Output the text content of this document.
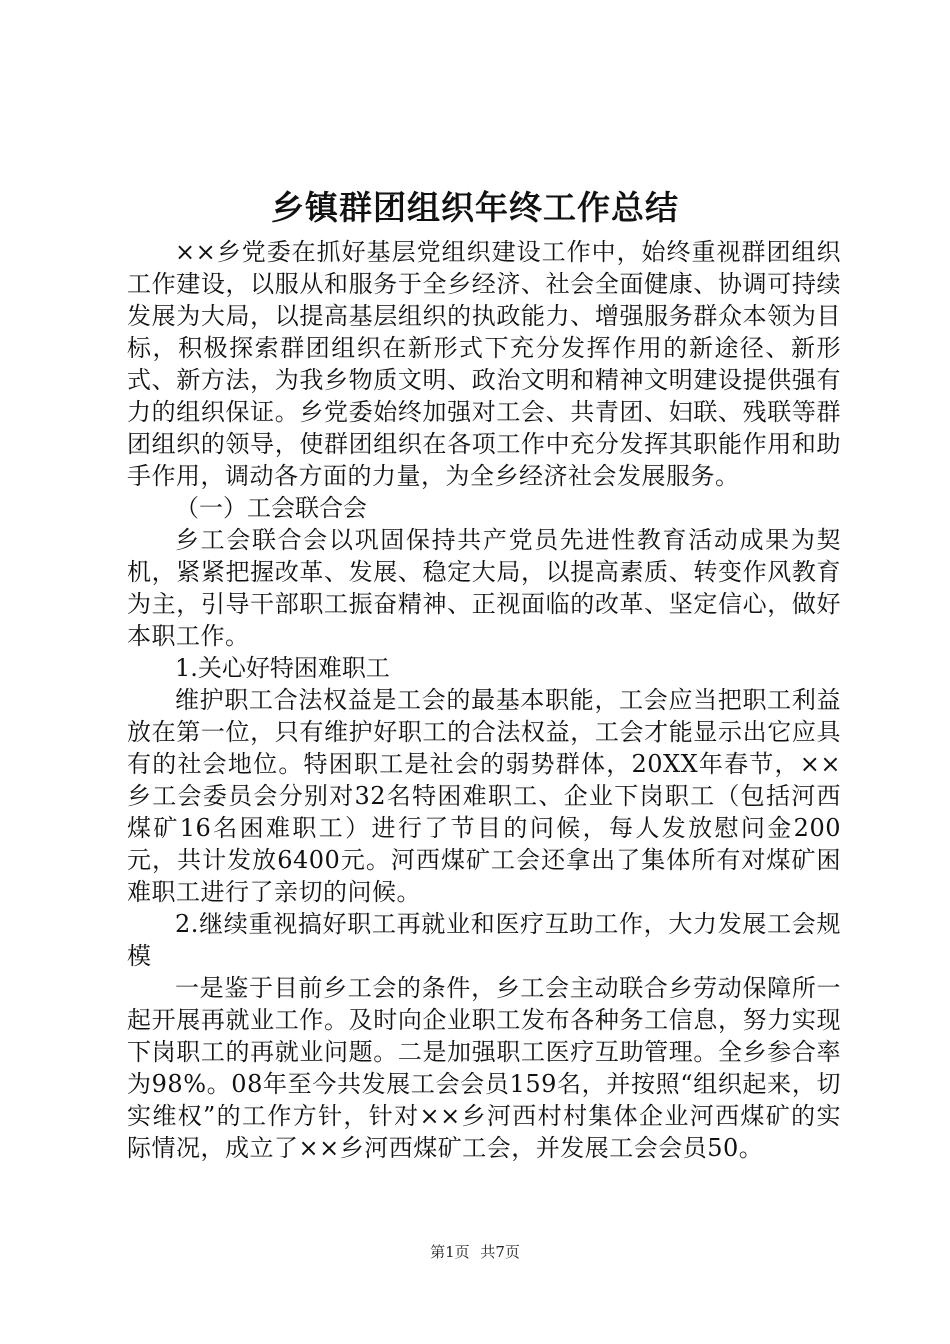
乡镇群团组织年终工作总结

××乡党委在抓好基层党组织建设工作中，始终重视群团组织工作建设，以服从和服务于全乡经济、社会全面健康、协调可持续发展为大局，以提高基层组织的执政能力、增强服务群众本领为目标，积极探索群团组织在新形式下充分发挥作用的新途径、新形式、新方法，为我乡物质文明、政治文明和精神文明建设提供强有力的组织保证。乡党委始终加强对工会、共青团、妇联、残联等群团组织的领导，使群团组织在各项工作中充分发挥其职能作用和助手作用，调动各方面的力量，为全乡经济社会发展服务。

（一）工会联合会

乡工会联合会以巩固保持共产党员先进性教育活动成果为契机，紧紧把握改革、发展、稳定大局，以提高素质、转变作风教育为主，引导干部职工振奋精神、正视面临的改革、坚定信心，做好本职工作。

1.关心好特困难职工

维护职工合法权益是工会的最基本职能，工会应当把职工利益放在第一位，只有维护好职工的合法权益，工会才能显示出它应具有的社会地位。特困职工是社会的弱势群体，20XX年春节，××乡工会委员会分别对32名特困难职工、企业下岗职工（包括河西煤矿16名困难职工）进行了节目的问候，每人发放慰问金200元，共计发放6400元。河西煤矿工会还拿出了集体所有对煤矿困难职工进行了亲切的问候。

2.继续重视搞好职工再就业和医疗互助工作，大力发展工会规模

一是鉴于目前乡工会的条件，乡工会主动联合乡劳动保障所一起开展再就业工作。及时向企业职工发布各种务工信息，努力实现下岗职工的再就业问题。二是加强职工医疗互助管理。全乡参合率为98%。08年至今共发展工会会员159名，并按照“组织起来，切实维权”的工作方针，针对××乡河西村村集体企业河西煤矿的实际情况，成立了××乡河西煤矿工会，并发展工会会员50。

第1页 共7页
